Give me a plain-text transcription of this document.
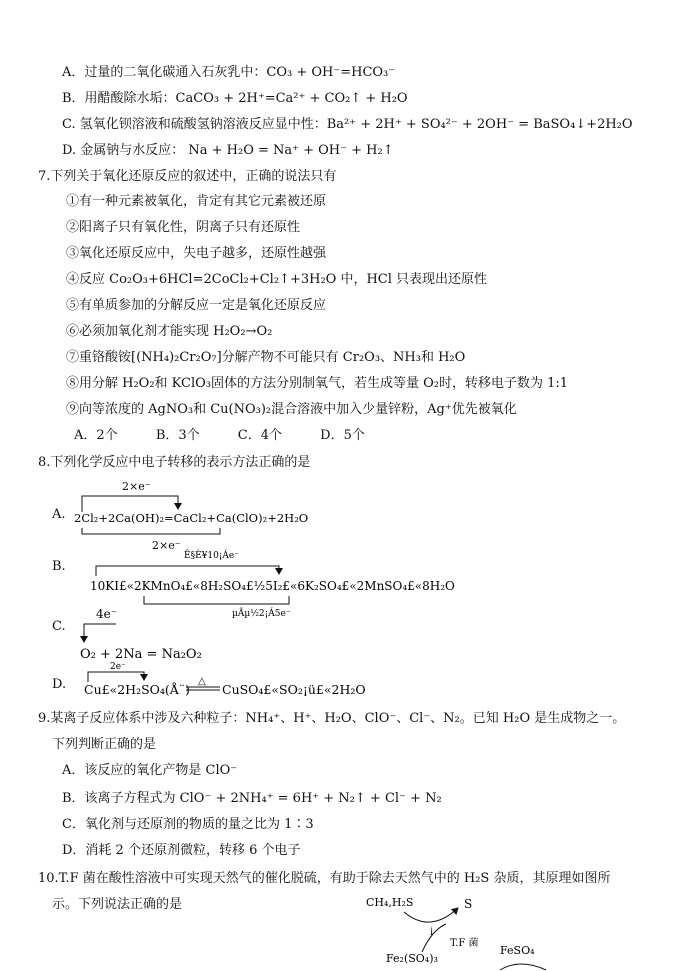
A．过量的二氧化碳通入石灰乳中：CO₃ + OH⁻=HCO₃⁻
B．用醋酸除水垢：CaCO₃ + 2H⁺=Ca²⁺ + CO₂↑ + H₂O
C. 氢氧化钡溶液和硫酸氢钠溶液反应显中性：Ba²⁺ + 2H⁺ + SO₄²⁻ + 2OH⁻ = BaSO₄↓+2H₂O
D. 金属钠与水反应： Na + H₂O = Na⁺ + OH⁻ + H₂↑
7.下列关于氧化还原反应的叙述中，正确的说法只有
①有一种元素被氧化，肯定有其它元素被还原
②阳离子只有氧化性，阴离子只有还原性
③氧化还原反应中，失电子越多，还原性越强
④反应 Co₂O₃+6HCl=2CoCl₂+Cl₂↑+3H₂O 中，HCl 只表现出还原性
⑤有单质参加的分解反应一定是氧化还原反应
⑥必须加氧化剂才能实现 H₂O₂→O₂
⑦重铬酸铵[(NH₄)₂Cr₂O₇]分解产物不可能只有 Cr₂O₃、NH₃和 H₂O
⑧用分解 H₂O₂和 KClO₃固体的方法分别制氧气，若生成等量 O₂时，转移电子数为 1:1
⑨向等浓度的 AgNO₃和 Cu(NO₃)₂混合溶液中加入少量锌粉，Ag⁺优先被氧化
A．2个	B．3个	C．4个	D．5个
8.下列化学反应中电子转移的表示方法正确的是
A.
2×e⁻
2Cl₂+2Ca(OH)₂=CaCl₂+Ca(ClO)₂+2H₂O
2×e⁻
B.
Ê§È¥10¡Áe⁻
10KI£«2KMnO₄£«8H₂SO₄£½5I₂£«6K₂SO₄£«2MnSO₄£«8H₂O
µÃµ½2¡Á5e⁻
C.
4e⁻
O₂ + 2Na = Na₂O₂
D.
2e⁻
Cu£«2H₂SO₄(Å¨)
△
CuSO₄£«SO₂¡ü£«2H₂O
9.某离子反应体系中涉及六种粒子：NH₄⁺、H⁺、H₂O、ClO⁻、Cl⁻、N₂。已知 H₂O 是生成物之一。
下列判断正确的是
A．该反应的氧化产物是 ClO⁻
B．该离子方程式为 ClO⁻ + 2NH₄⁺ = 6H⁺ + N₂↑ + Cl⁻ + N₂
C．氧化剂与还原剂的物质的量之比为 1∶3
D．消耗 2 个还原剂微粒，转移 6 个电子
10.T.F 菌在酸性溶液中可实现天然气的催化脱硫，有助于除去天然气中的 H₂S 杂质，其原理如图所
示。下列说法正确的是	CH₄,H₂S	S
i
T.F 菌
Fe₂(SO₄)₃
FeSO₄
